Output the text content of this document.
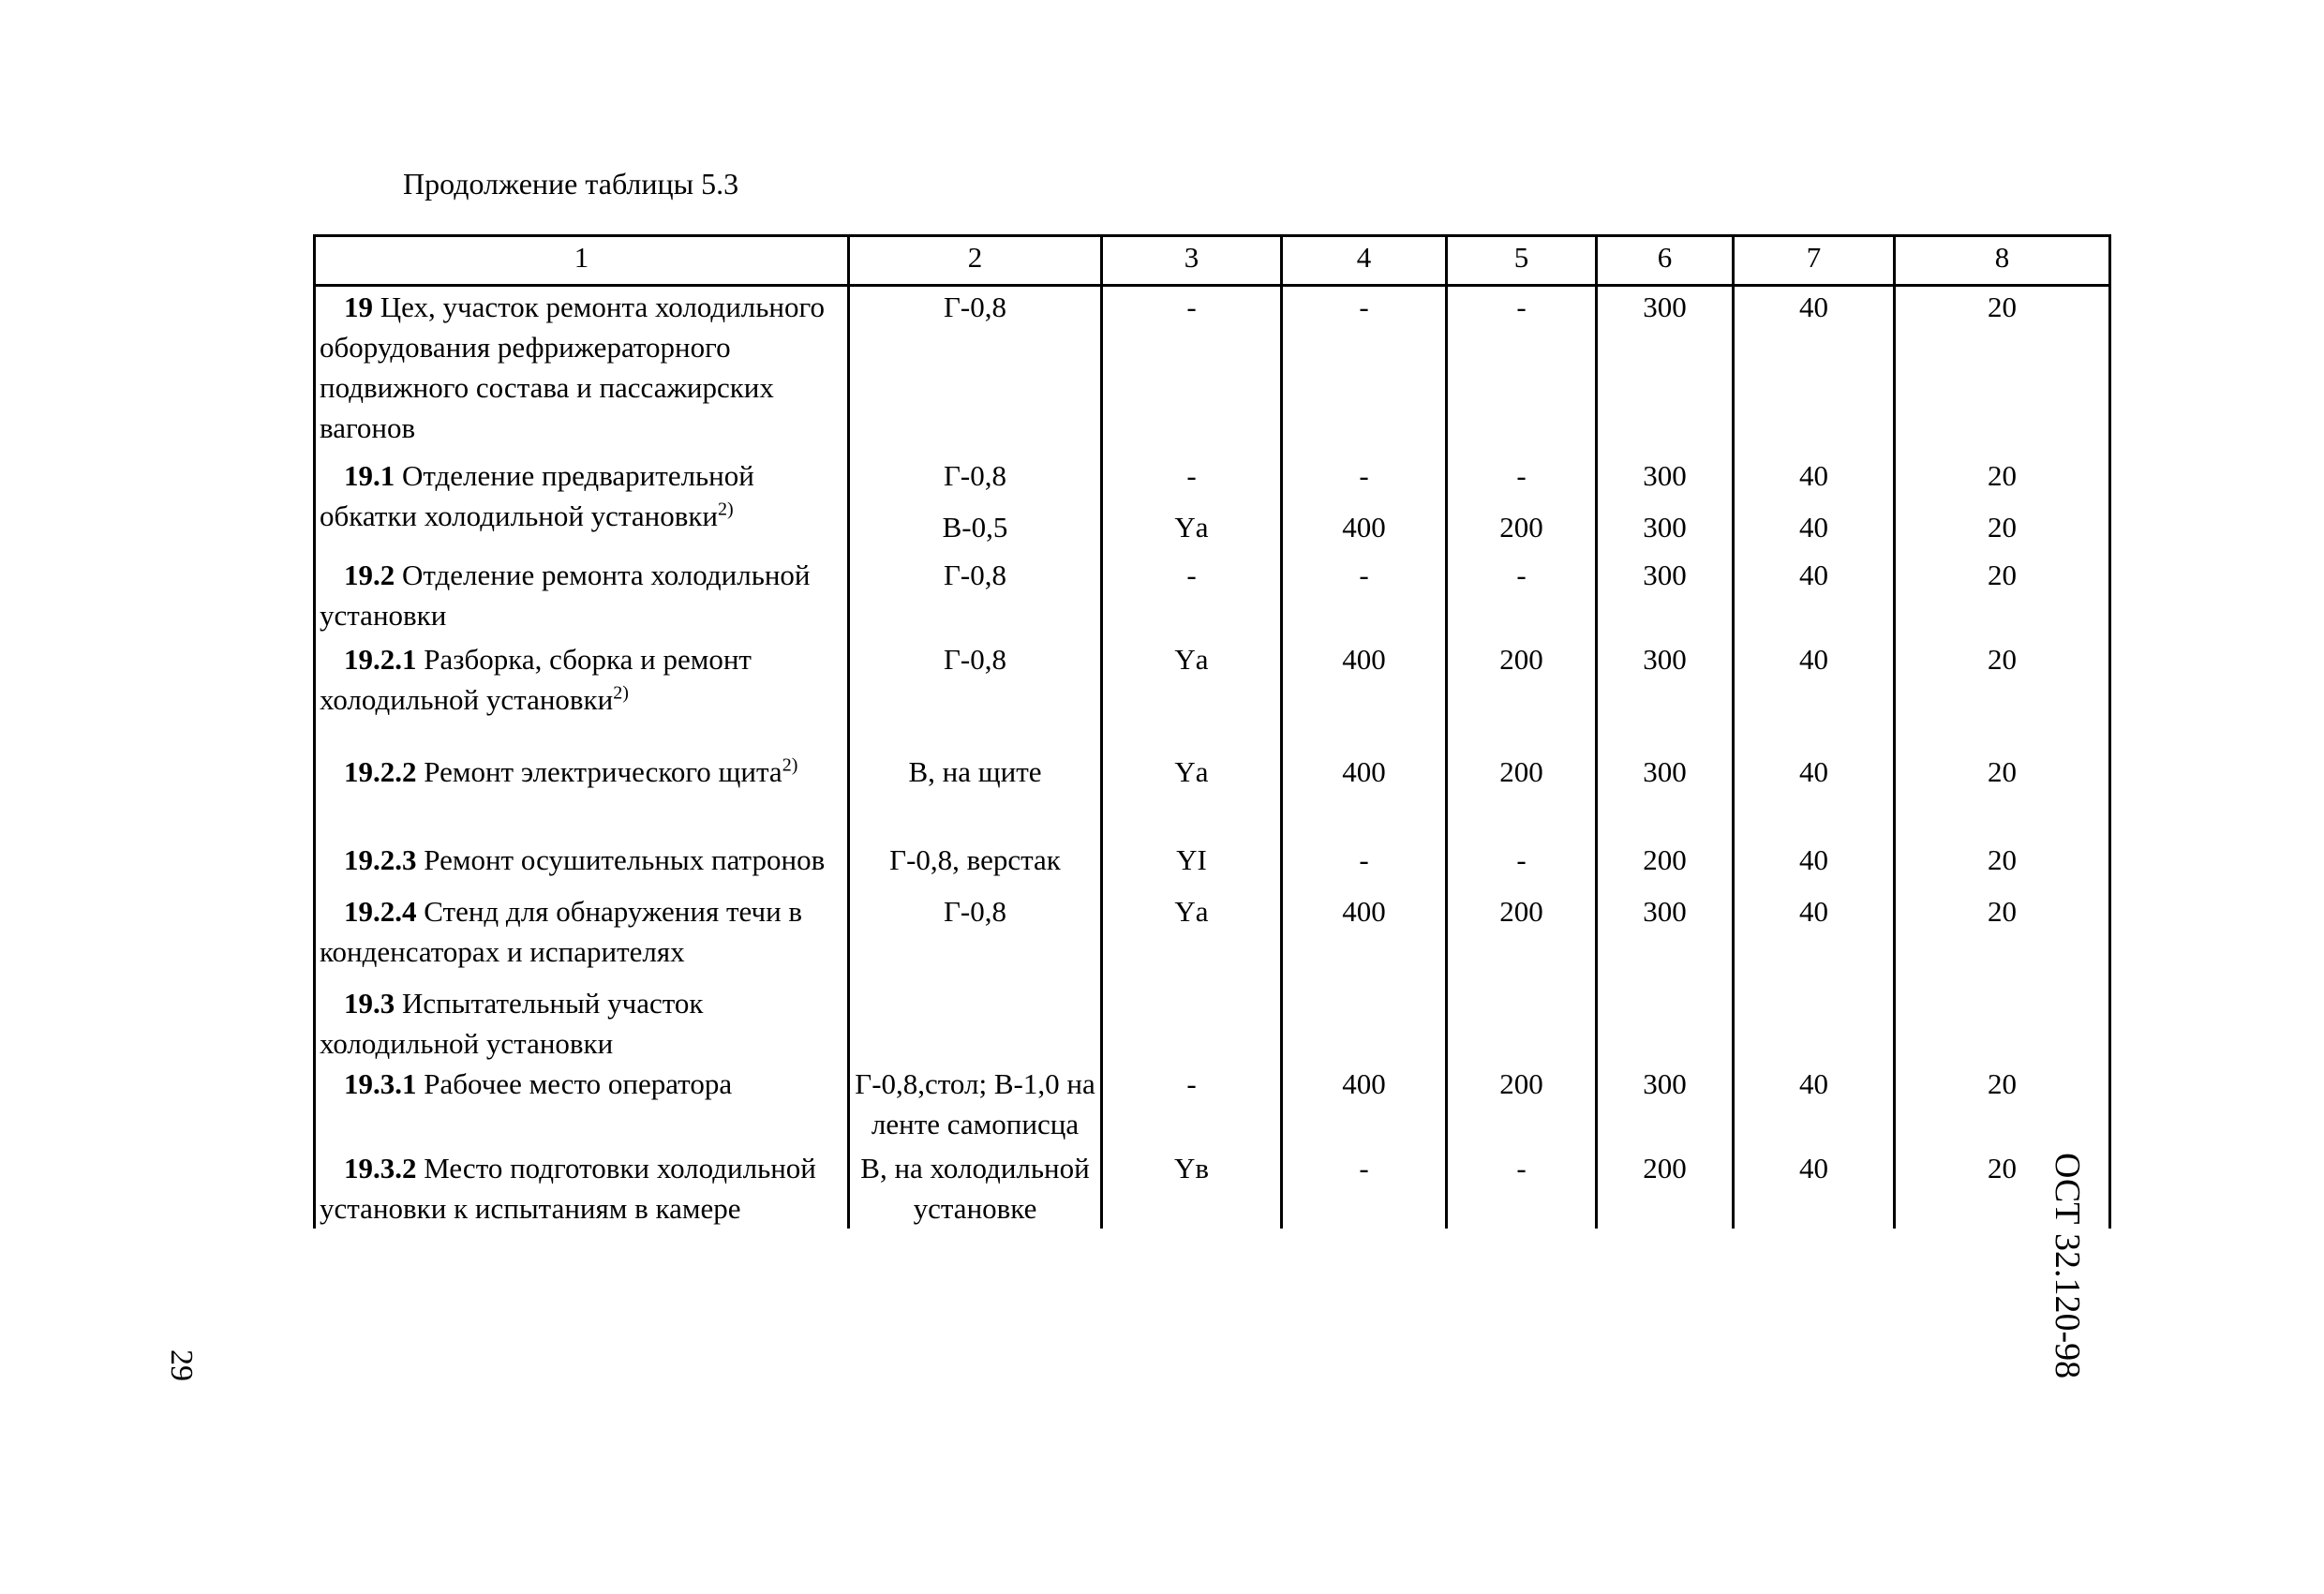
Продолжение таблицы 5.3
1	2	3	4	5	6	7	8
19 Цех, участок ремонта холодильного оборудования рефрижераторного подвижного состава и пассажирских вагонов	Г-0,8	-	-	-	300	40	20

19.1 Отделение предварительной обкатки холодильной установки$^{2)}$	Г-0,8	-	-	-	300	40	20
	В-0,5	Yа	400	200	300	40	20
19.2 Отделение ремонта холодильной установки	Г-0,8	-	-	-	300	40	20
19.2.1 Разборка, сборка и ремонт холодильной установки$^{2)}$	Г-0,8	Yа	400	200	300	40	20
19.2.2 Ремонт электрического щита$^{2)}$	В, на щите	Yа	400	200	300	40	20
19.2.3 Ремонт осушительных патронов	Г-0,8, верстак	YI	-	-	200	40	20
19.2.4 Стенд для обнаружения течи в конденсаторах и испарителях	Г-0,8	Yа	400	200	300	40	20
19.3 Испытательный участок холодильной установки							
19.3.1 Рабочее место оператора	Г-0,8,стол; В-1,0 на ленте самописца	-	400	200	300	40	20
19.3.2 Место подготовки холодильной установки к испытаниям в камере	В, на холодильной установке	Yв	-	-	200	40	20 ОСТ 32.120-98
29
